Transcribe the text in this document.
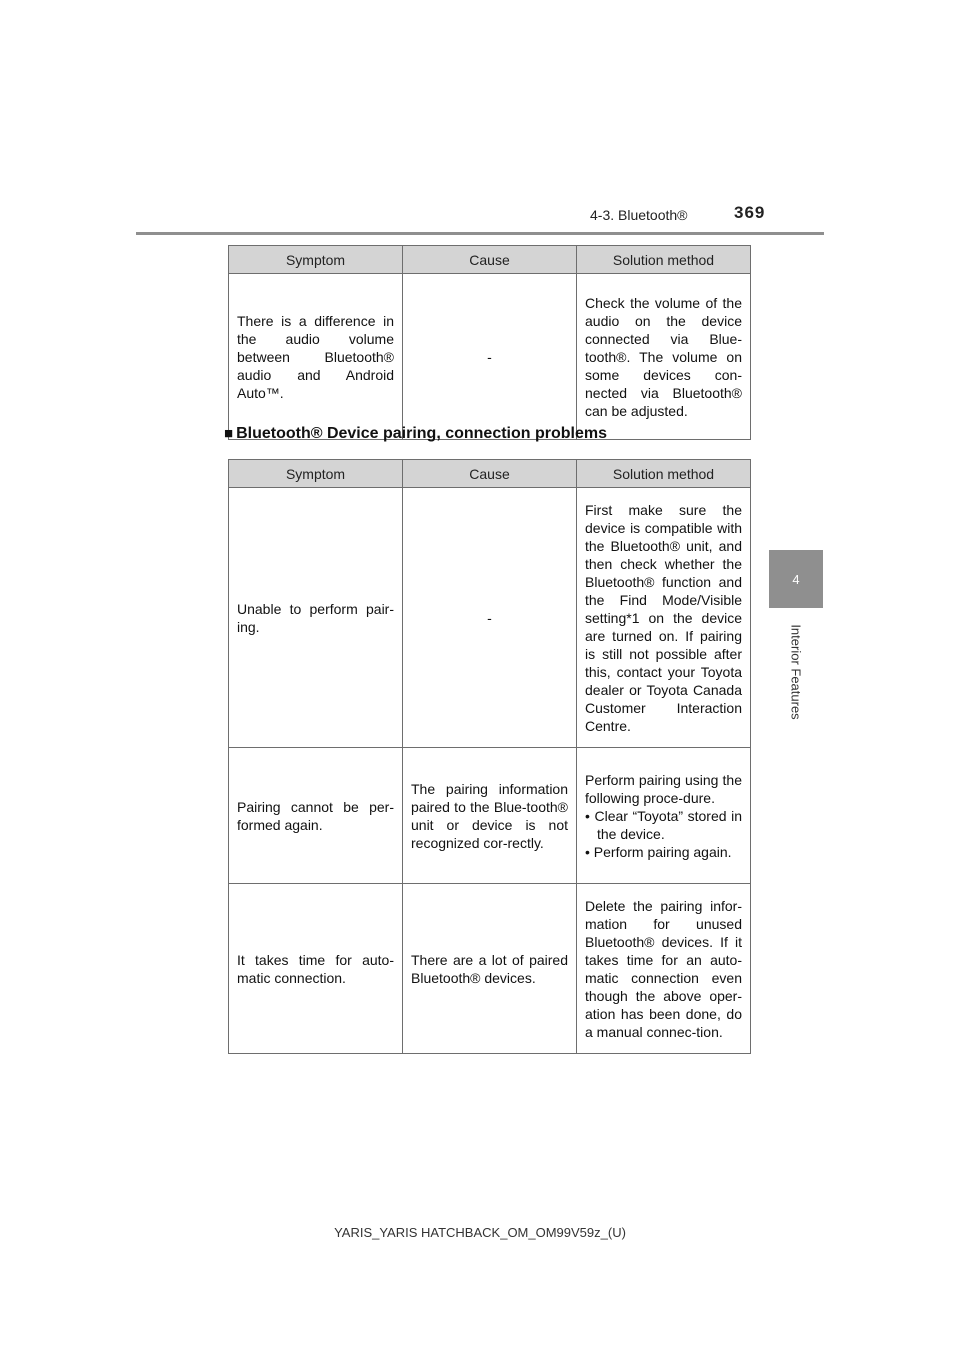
4-3. Bluetooth®	369
4
Interior Features
Symptom	Cause	Solution method
There is a difference in the audio volume between Bluetooth® audio and Android Auto™.	-	Check the volume of the audio on the device connected via Blue-tooth®. The volume on some devices con-nected via Bluetooth® can be adjusted.
■ Bluetooth® Device pairing, connection problems
Symptom	Cause	Solution method
Unable to perform pair-ing.	-	First make sure the device is compatible with the Bluetooth® unit, and then check whether the Bluetooth® function and the Find Mode/Visible setting*1 on the device are turned on. If pairing is still not possible after this, contact your Toyota dealer or Toyota Canada Customer Interaction Centre.
Pairing cannot be per-formed again.	The pairing information paired to the Blue-tooth® unit or device is not recognized cor-rectly.	Perform pairing using the following proce-dure.
• Clear “Toyota” stored in the device.
• Perform pairing again.

It takes time for auto-matic connection.	There are a lot of paired Bluetooth® devices.	Delete the pairing infor-mation for unused Bluetooth® devices. If it takes time for an auto-matic connection even though the above oper-ation has been done, do a manual connec-tion.
YARIS_YARIS HATCHBACK_OM_OM99V59z_(U)
